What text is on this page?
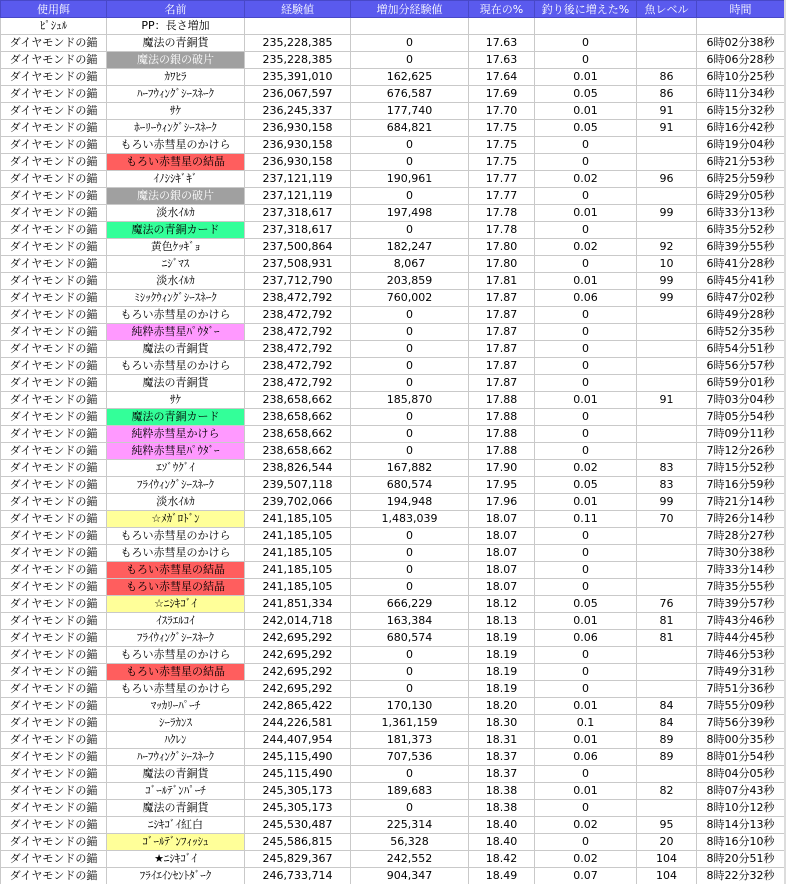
使用餌	名前	経験値	増加分経験値	現在の%	釣り後に増えた%	魚レベル	時間
ﾋﾟｼｭﾙ	PP：長さ増加						
ダイヤモンドの錨	魔法の青銅貨	235,228,385	0	17.63	0		6時02分38秒
ダイヤモンドの錨	魔法の銀の破片	235,228,385	0	17.63	0		6時06分28秒
ダイヤモンドの錨	ｶﾜﾋﾗ	235,391,010	162,625	17.64	0.01	86	6時10分25秒
ダイヤモンドの錨	ﾊｰﾌｳｨﾝｸﾞｼｰｽﾈｰｸ	236,067,597	676,587	17.69	0.05	86	6時11分34秒
ダイヤモンドの錨	ｻｹ	236,245,337	177,740	17.70	0.01	91	6時15分32秒
ダイヤモンドの錨	ﾎｰﾘｰｳｨﾝｸﾞｼｰｽﾈｰｸ	236,930,158	684,821	17.75	0.05	91	6時16分42秒
ダイヤモンドの錨	もろい赤彗星のかけら	236,930,158	0	17.75	0		6時19分04秒
ダイヤモンドの錨	もろい赤彗星の結晶	236,930,158	0	17.75	0		6時21分53秒
ダイヤモンドの錨	ｲﾉｼｼｷﾞｷﾞ	237,121,119	190,961	17.77	0.02	96	6時25分59秒
ダイヤモンドの錨	魔法の銀の破片	237,121,119	0	17.77	0		6時29分05秒
ダイヤモンドの錨	淡水ｲﾙｶ	237,318,617	197,498	17.78	0.01	99	6時33分13秒
ダイヤモンドの錨	魔法の青銅カード	237,318,617	0	17.78	0		6時35分52秒
ダイヤモンドの錨	黄色ｹｯｷﾞｮ	237,500,864	182,247	17.80	0.02	92	6時39分55秒
ダイヤモンドの錨	ﾆｼﾞﾏｽ	237,508,931	8,067	17.80	0	10	6時41分28秒
ダイヤモンドの錨	淡水ｲﾙｶ	237,712,790	203,859	17.81	0.01	99	6時45分41秒
ダイヤモンドの錨	ﾐｼｯｸｳｨﾝｸﾞｼｰｽﾈｰｸ	238,472,792	760,002	17.87	0.06	99	6時47分02秒
ダイヤモンドの錨	もろい赤彗星のかけら	238,472,792	0	17.87	0		6時49分28秒
ダイヤモンドの錨	純粋赤彗星ﾊﾟｳﾀﾞｰ	238,472,792	0	17.87	0		6時52分35秒
ダイヤモンドの錨	魔法の青銅貨	238,472,792	0	17.87	0		6時54分51秒
ダイヤモンドの錨	もろい赤彗星のかけら	238,472,792	0	17.87	0		6時56分57秒
ダイヤモンドの錨	魔法の青銅貨	238,472,792	0	17.87	0		6時59分01秒
ダイヤモンドの錨	ｻｹ	238,658,662	185,870	17.88	0.01	91	7時03分04秒
ダイヤモンドの錨	魔法の青銅カード	238,658,662	0	17.88	0		7時05分54秒
ダイヤモンドの錨	純粋赤彗星かけら	238,658,662	0	17.88	0		7時09分11秒
ダイヤモンドの錨	純粋赤彗星ﾊﾟｳﾀﾞｰ	238,658,662	0	17.88	0		7時12分26秒
ダイヤモンドの錨	ｴｿﾞｳｸﾞｲ	238,826,544	167,882	17.90	0.02	83	7時15分52秒
ダイヤモンドの錨	ﾌﾗｲｳｨﾝｸﾞｼｰｽﾈｰｸ	239,507,118	680,574	17.95	0.05	83	7時16分59秒
ダイヤモンドの錨	淡水ｲﾙｶ	239,702,066	194,948	17.96	0.01	99	7時21分14秒
ダイヤモンドの錨	☆ﾒｶﾞﾛﾄﾞﾝ	241,185,105	1,483,039	18.07	0.11	70	7時26分14秒
ダイヤモンドの錨	もろい赤彗星のかけら	241,185,105	0	18.07	0		7時28分27秒
ダイヤモンドの錨	もろい赤彗星のかけら	241,185,105	0	18.07	0		7時30分38秒
ダイヤモンドの錨	もろい赤彗星の結晶	241,185,105	0	18.07	0		7時33分14秒
ダイヤモンドの錨	もろい赤彗星の結晶	241,185,105	0	18.07	0		7時35分55秒
ダイヤモンドの錨	☆ﾆｼｷｺﾞｲ	241,851,334	666,229	18.12	0.05	76	7時39分57秒
ダイヤモンドの錨	ｲｽﾗｴﾙｺｲ	242,014,718	163,384	18.13	0.01	81	7時43分46秒
ダイヤモンドの錨	ﾌﾗｲｳｨﾝｸﾞｼｰｽﾈｰｸ	242,695,292	680,574	18.19	0.06	81	7時44分45秒
ダイヤモンドの錨	もろい赤彗星のかけら	242,695,292	0	18.19	0		7時46分53秒
ダイヤモンドの錨	もろい赤彗星の結晶	242,695,292	0	18.19	0		7時49分31秒
ダイヤモンドの錨	もろい赤彗星のかけら	242,695,292	0	18.19	0		7時51分36秒
ダイヤモンドの錨	ﾏｯｶﾘｰﾊﾟｰﾁ	242,865,422	170,130	18.20	0.01	84	7時55分09秒
ダイヤモンドの錨	ｼｰﾗｶﾝｽ	244,226,581	1,361,159	18.30	0.1	84	7時56分39秒
ダイヤモンドの錨	ﾊｸﾚﾝ	244,407,954	181,373	18.31	0.01	89	8時00分35秒
ダイヤモンドの錨	ﾊｰﾌｳｨﾝｸﾞｼｰｽﾈｰｸ	245,115,490	707,536	18.37	0.06	89	8時01分54秒
ダイヤモンドの錨	魔法の青銅貨	245,115,490	0	18.37	0		8時04分05秒
ダイヤモンドの錨	ｺﾞｰﾙﾃﾞﾝﾊﾟｰﾁ	245,305,173	189,683	18.38	0.01	82	8時07分43秒
ダイヤモンドの錨	魔法の青銅貨	245,305,173	0	18.38	0		8時10分12秒
ダイヤモンドの錨	ﾆｼｷｺﾞｲ紅白	245,530,487	225,314	18.40	0.02	95	8時14分13秒
ダイヤモンドの錨	ｺﾞｰﾙﾃﾞﾝﾌｨｯｼｭ	245,586,815	56,328	18.40	0	20	8時16分10秒
ダイヤモンドの錨	★ﾆｼｷｺﾞｲ	245,829,367	242,552	18.42	0.02	104	8時20分51秒
ダイヤモンドの錨	ﾌﾗｲｴｲﾝｾﾝﾄﾀﾞｰｸ	246,733,714	904,347	18.49	0.07	104	8時22分32秒
